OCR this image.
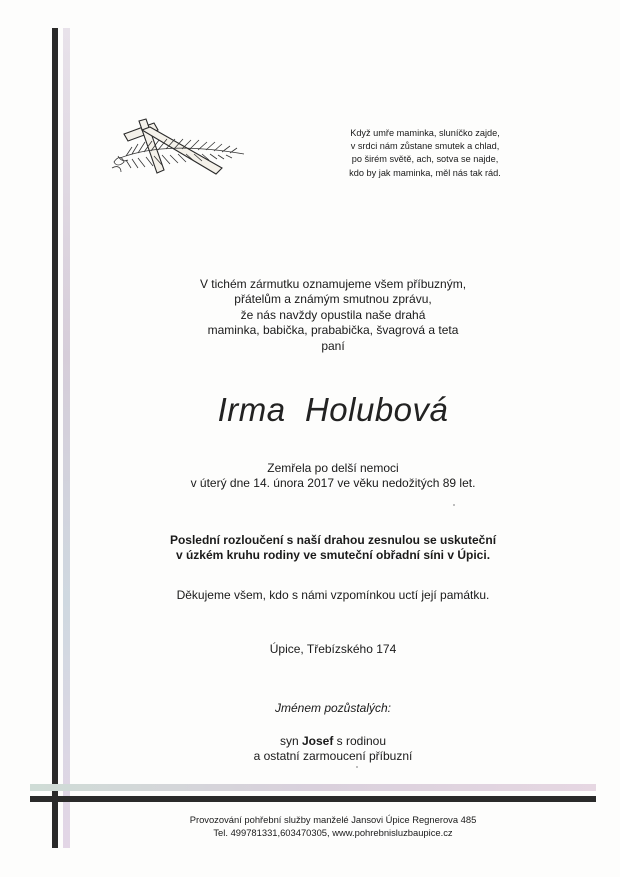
Když umře maminka, sluníčko zajde,
v srdci nám zůstane smutek a chlad,
po širém světě, ach, sotva se najde,
kdo by jak maminka, měl nás tak rád.
V tichém zármutku oznamujeme všem příbuzným,
přátelům a známým smutnou zprávu,
že nás navždy opustila naše drahá
maminka, babička, prababička, švagrová a teta
paní
Irma  Holubová
Zemřela po delší nemoci
v úterý dne 14. února 2017 ve věku nedožitých 89 let.
Poslední rozloučení s naší drahou zesnulou se uskuteční
v úzkém kruhu rodiny ve smuteční obřadní síni v Úpici.
Děkujeme všem, kdo s námi vzpomínkou uctí její památku.
Úpice, Třebízského 174
Jménem pozůstalých:
syn Josef s rodinou
a ostatní zarmoucení příbuzní
Provozování pohřební služby manželé Jansovi Úpice Regnerova 485
Tel. 499781331,603470305, www.pohrebnisluzbaupice.cz
